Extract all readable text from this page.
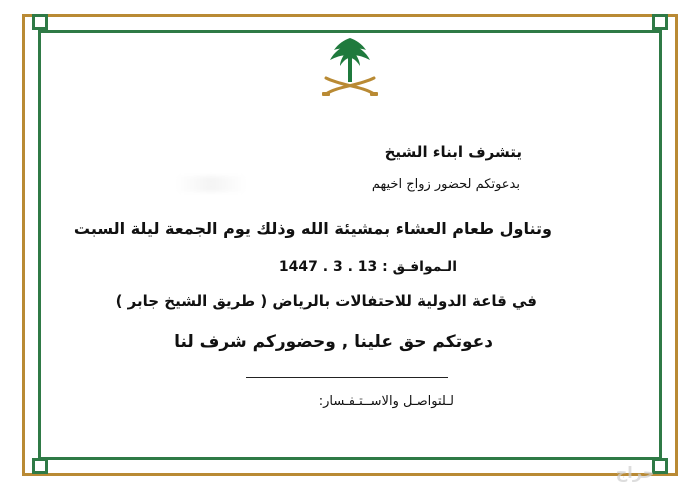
يتشرف ابناء الشيخ
بدعوتكم لحضور زواج اخيهم
وتناول طعام العشاء بمشيئة الله وذلك يوم الجمعة ليلة السبت
الـموافـق : 13 . 3 . 1447
في قاعة الدولية للاحتفالات بالرياض ( طريق الشيخ جابر )
دعوتكم حق علينا , وحضوركم شرف لنا
لـلتواصـل والاســتـفـسار:
حراج
